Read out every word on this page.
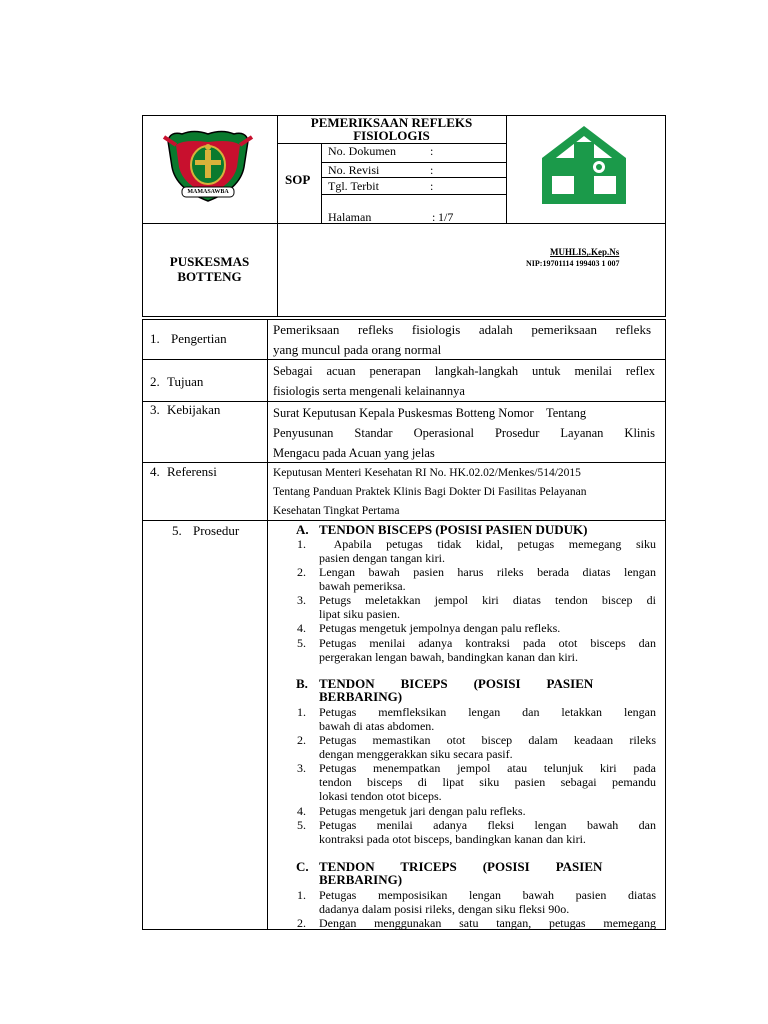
MAMASAWBA
PEMERIKSAAN REFLEKS
FISIOLOGIS
SOP
No. Dokumen	:
No. Revisi	:
Tgl. Terbit	:
Halaman	: 1/7
PUSKESMAS
BOTTENG
MUHLIS,.Kep.Ns
NIP:19701114 199403 1 007
1. Pengertian
Pemeriksaan refleks fisiologis adalah pemeriksaan refleks
yang muncul pada orang normal
2. Tujuan
Sebagai acuan penerapan langkah-langkah untuk menilai reflex
fisiologis serta mengenali kelainannya
3. Kebijakan	Surat Keputusan Kepala Puskesmas Botteng Nomor    Tentang
Penyusunan Standar Operasional Prosedur Layanan Klinis
Mengacu pada Acuan yang jelas
4. Referensi	Keputusan Menteri Kesehatan RI No. HK.02.02/Menkes/514/2015
Tentang Panduan Praktek Klinis Bagi Dokter Di Fasilitas Pelayanan
Kesehatan Tingkat Pertama
5. Prosedur	A. TENDON BISCEPS (POSISI PASIEN DUDUK)
1. Apabila petugas tidak kidal, petugas memegang siku
pasien dengan tangan kiri.
2. Lengan bawah pasien harus rileks berada diatas lengan
bawah pemeriksa.
3. Petugs meletakkan jempol kiri diatas tendon biscep di
lipat siku pasien.
4. Petugas mengetuk jempolnya dengan palu refleks.
5. Petugas menilai adanya kontraksi pada otot bisceps dan
pergerakan lengan bawah, bandingkan kanan dan kiri.
B. TENDON        BICEPS        (POSISI        PASIEN
BERBARING)
1. Petugas memfleksikan lengan dan letakkan lengan
bawah di atas abdomen.
2. Petugas memastikan otot biscep dalam keadaan rileks
dengan menggerakkan siku secara pasif.
3. Petugas menempatkan jempol atau telunjuk kiri pada
tendon bisceps di lipat siku pasien sebagai pemandu
lokasi tendon otot biceps.
4. Petugas mengetuk jari dengan palu refleks.
5. Petugas menilai adanya fleksi lengan bawah dan
kontraksi pada otot bisceps, bandingkan kanan dan kiri.
C. TENDON        TRICEPS        (POSISI        PASIEN
BERBARING)
1. Petugas memposisikan lengan bawah pasien diatas
dadanya dalam posisi rileks, dengan siku fleksi 90o.
2. Dengan menggunakan satu tangan, petugas memegang
